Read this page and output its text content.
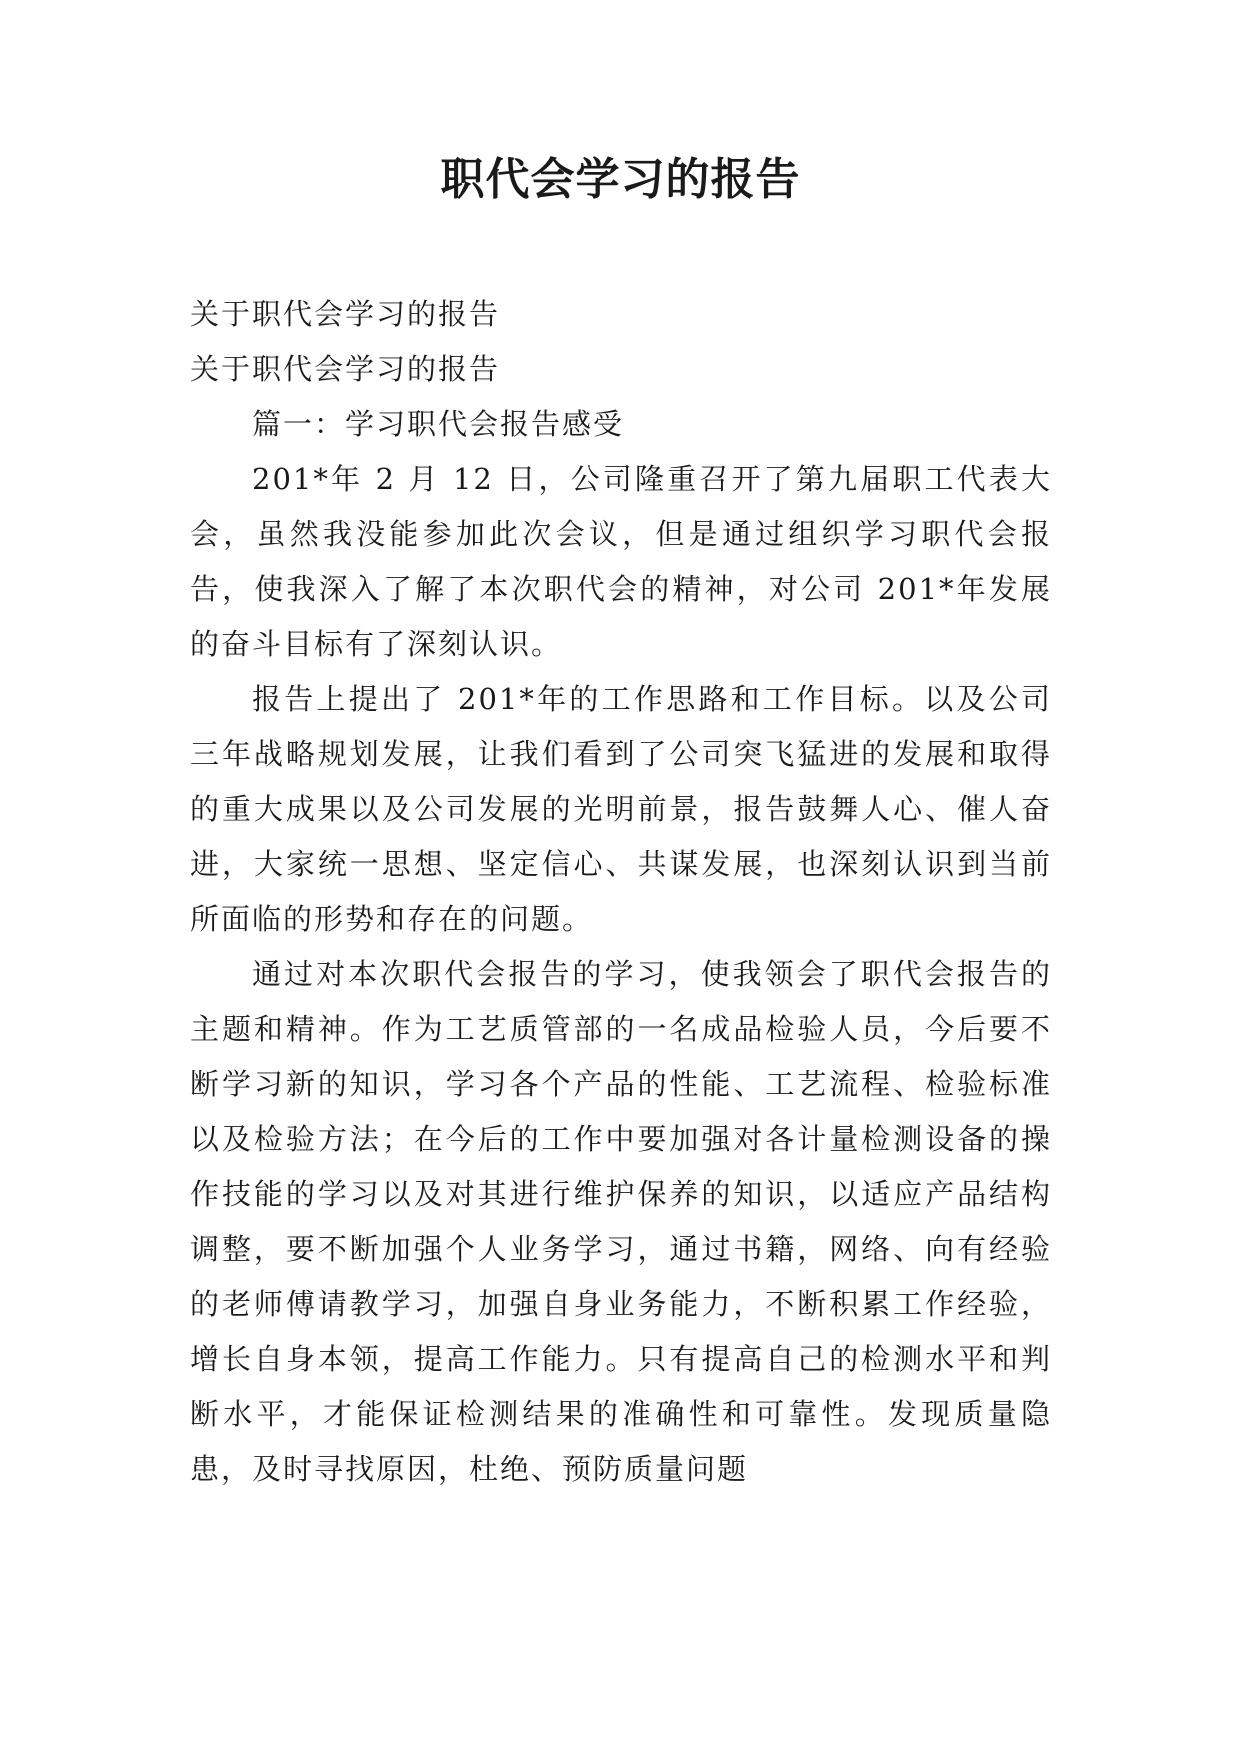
职代会学习的报告

关于职代会学习的报告

关于职代会学习的报告

篇一：学习职代会报告感受

201*年 2 月 12 日，公司隆重召开了第九届职工代表大会，虽然我没能参加此次会议，但是通过组织学习职代会报告，使我深入了解了本次职代会的精神，对公司 201*年发展的奋斗目标有了深刻认识。

报告上提出了 201*年的工作思路和工作目标。以及公司三年战略规划发展，让我们看到了公司突飞猛进的发展和取得的重大成果以及公司发展的光明前景，报告鼓舞人心、催人奋进，大家统一思想、坚定信心、共谋发展，也深刻认识到当前所面临的形势和存在的问题。

通过对本次职代会报告的学习，使我领会了职代会报告的主题和精神。作为工艺质管部的一名成品检验人员，今后要不断学习新的知识，学习各个产品的性能、工艺流程、检验标准以及检验方法；在今后的工作中要加强对各计量检测设备的操作技能的学习以及对其进行维护保养的知识，以适应产品结构调整，要不断加强个人业务学习，通过书籍，网络、向有经验的老师傅请教学习，加强自身业务能力，不断积累工作经验，增长自身本领，提高工作能力。只有提高自己的检测水平和判断水平，才能保证检测结果的准确性和可靠性。发现质量隐患，及时寻找原因，杜绝、预防质量问题
